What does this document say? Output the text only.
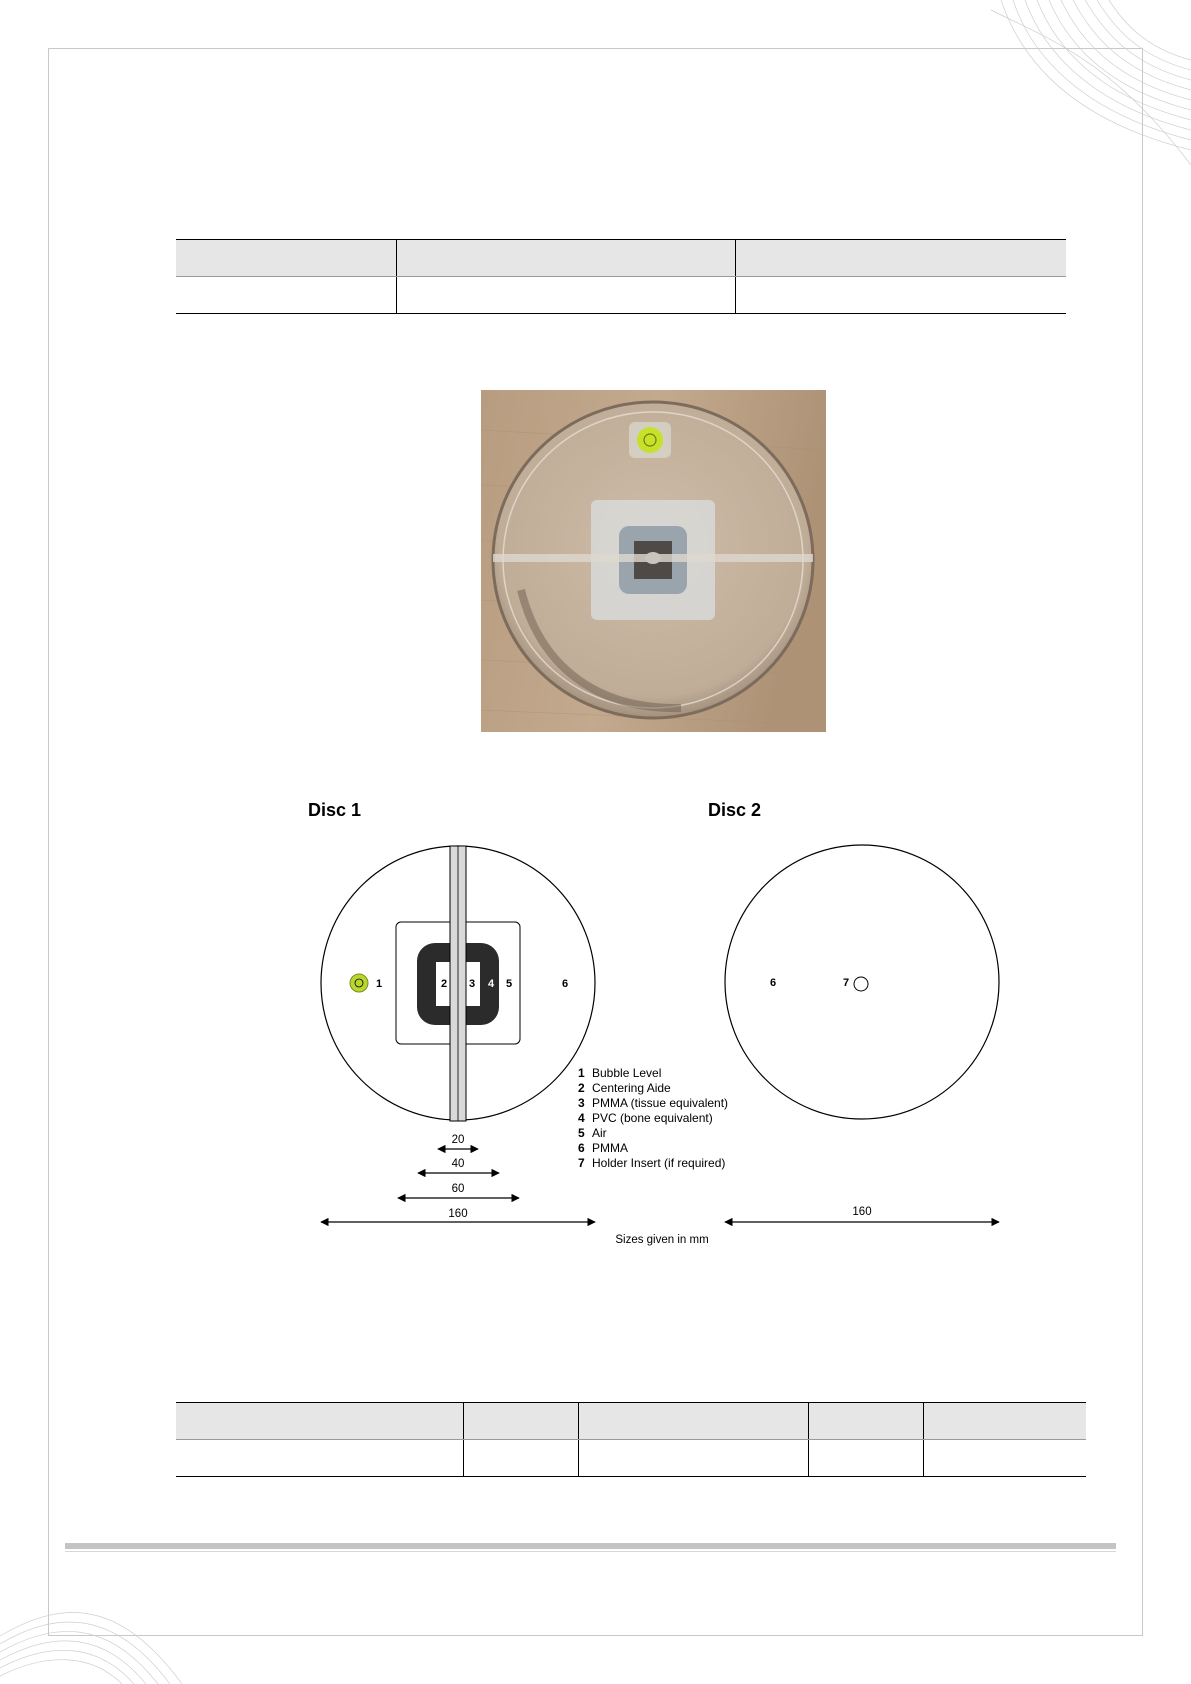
Disc 1	Disc 2
1	2 3 4 5	6	6	7
1 Bubble Level
2 Centering Aide
3 PMMA (tissue equivalent)
4 PVC (bone equivalent)
5 Air
6 PMMA
7 Holder Insert (if required)
20
40
60
160	160
Sizes given in mm
